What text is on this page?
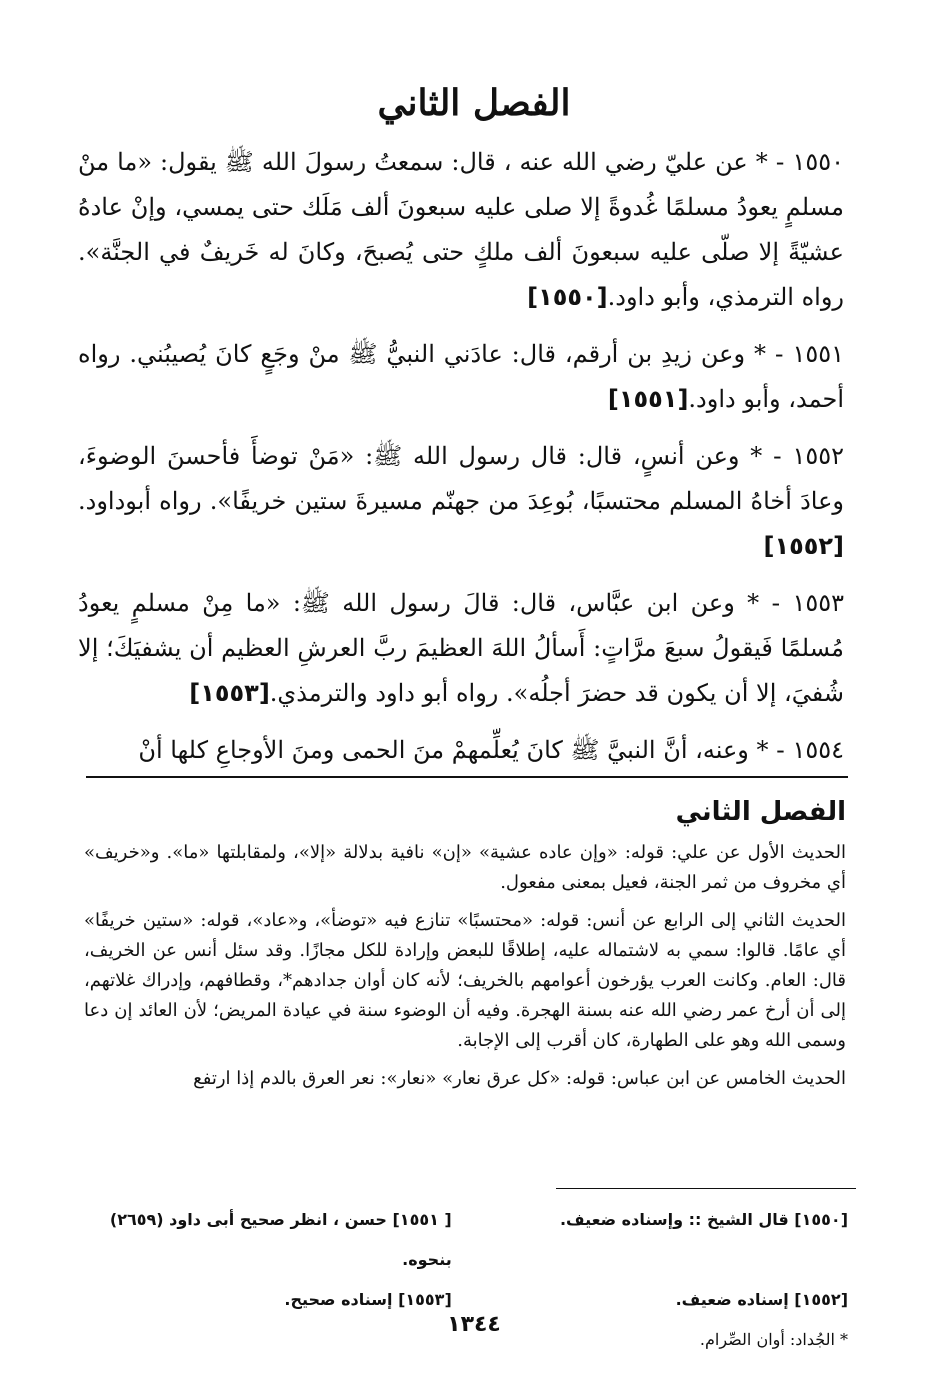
الفصل الثاني

١٥٥٠ - * عن عليّ رضي الله عنه ، قال: سمعتُ رسولَ الله ﷺ يقول: «ما منْ مسلمٍ يعودُ مسلمًا غُدوةً إلا صلى عليه سبعونَ ألف مَلَك حتى يمسي، وإنْ عادهُ عشيّةً إلا صلّى عليه سبعونَ ألف ملكٍ حتى يُصبحَ، وكانَ له خَريفٌ في الجنَّة». رواه الترمذي، وأبو داود.[١٥٥٠]

١٥٥١ - * وعن زيدِ بن أرقم، قال: عادَني النبيُّ ﷺ منْ وجَعٍ كانَ يُصيبُني. رواه أحمد، وأبو داود.[١٥٥١]

١٥٥٢ - * وعن أنسٍ، قال: قال رسول الله ﷺ: «مَنْ توضأَ فأحسنَ الوضوءَ، وعادَ أخاهُ المسلم محتسبًا، بُوعِدَ من جهنّم مسيرةَ ستين خريفًا». رواه أبوداود.[١٥٥٢]

١٥٥٣ - * وعن ابن عبَّاس، قال: قالَ رسول الله ﷺ: «ما مِنْ مسلمٍ يعودُ مُسلمًا فَيقولُ سبعَ مرَّاتٍ: أَسألُ اللهَ العظيمَ ربَّ العرشِ العظيم أن يشفيَكَ؛ إلا شُفيَ، إلا أن يكون قد حضرَ أجلُه». رواه أبو داود والترمذي.[١٥٥٣]

١٥٥٤ - * وعنه، أنَّ النبيَّ ﷺ كانَ يُعلِّمهمْ منَ الحمى ومنَ الأوجاعِ كلها أنْ

الفصل الثاني

الحديث الأول عن علي: قوله: «وإن عاده عشية» «إن» نافية بدلالة «إلا»، ولمقابلتها «ما». و«خريف» أي مخروف من ثمر الجنة، فعيل بمعنى مفعول.

الحديث الثاني إلى الرابع عن أنس: قوله: «محتسبًا» تنازع فيه «توضأ»، و«عاد»، قوله: «ستين خريفًا» أي عامًا. قالوا: سمي به لاشتماله عليه، إطلاقًا للبعض وإرادة للكل مجازًا. وقد سئل أنس عن الخريف، قال: العام. وكانت العرب يؤرخون أعوامهم بالخريف؛ لأنه كان أوان جدادهم*، وقطافهم، وإدراك غلاتهم، إلى أن أرخ عمر رضي الله عنه بسنة الهجرة. وفيه أن الوضوء سنة في عيادة المريض؛ لأن العائد إن دعا وسمى الله وهو على الطهارة، كان أقرب إلى الإجابة.

الحديث الخامس عن ابن عباس: قوله: «كل عرق نعار» «نعار»: نعر العرق بالدم إذا ارتفع

[١٥٥٠] قال الشيخ :: وإسناده ضعيف.
[ ١٥٥١] حسن ، انظر صحيح أبى داود (٢٦٥٩) بنحوه.
[١٥٥٢] إسناده ضعيف.
[١٥٥٣] إسناده صحيح.
* الجُداد: أوان الصِّرام.
١٣٤٤
